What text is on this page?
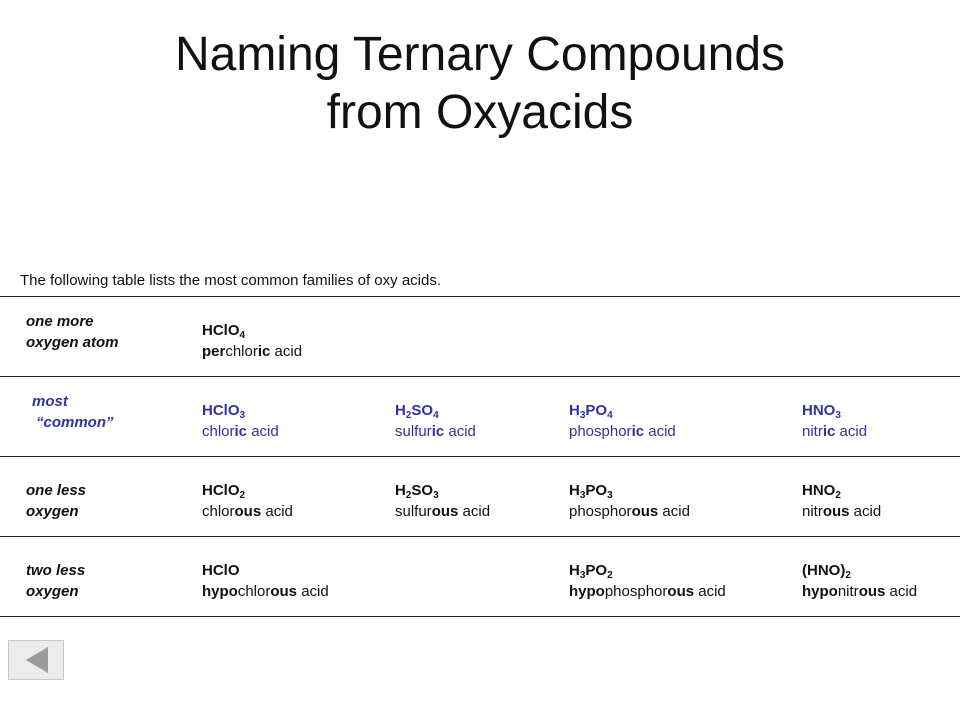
Naming Ternary Compounds
from Oxyacids
The following table lists the most common families of oxy acids.
one more
oxygen atom
HClO$_4$
perchloric acid
most
“common”
HClO$_3$
chloric acid
$H_2SO_4$
sulfuric acid
$H_3PO_4$
phosphoric acid
$HNO_3$
nitric acid
one less
oxygen
HClO$_2$
chlorous acid
$H_2SO_3$
sulfurous acid
$H_3PO_3$
phosphorous acid
$HNO_2$
nitrous acid
two less
oxygen
HClO
hypochlorous acid
$H_3PO_2$
hypophosphorous acid
$(HNO)_2$
hyponitrous acid
